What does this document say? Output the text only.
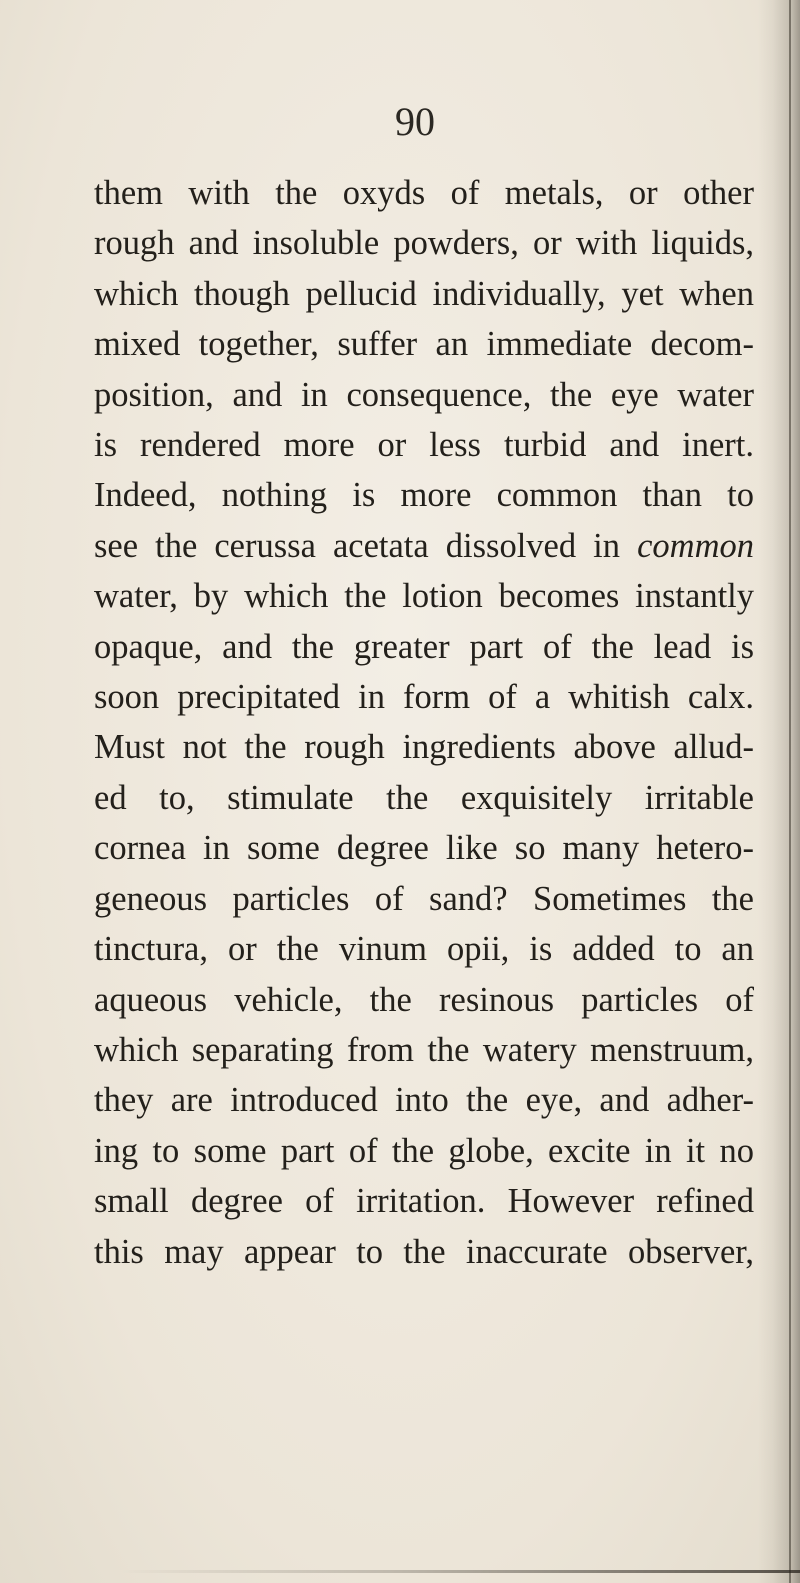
90
them with the oxyds of metals, or other
rough and insoluble powders, or with liquids,
which though pellucid individually, yet when
mixed together, suffer an immediate decom-
position, and in consequence, the eye water
is rendered more or less turbid and inert.
Indeed, nothing is more common than to
see the cerussa acetata dissolved in common
water, by which the lotion becomes instantly
opaque, and the greater part of the lead is
soon precipitated in form of a whitish calx.
Must not the rough ingredients above allud-
ed to, stimulate the exquisitely irritable
cornea in some degree like so many hetero-
geneous particles of sand? Sometimes the
tinctura, or the vinum opii, is added to an
aqueous vehicle, the resinous particles of
which separating from the watery menstruum,
they are introduced into the eye, and adher-
ing to some part of the globe, excite in it no
small degree of irritation. However refined
this may appear to the inaccurate observer,
